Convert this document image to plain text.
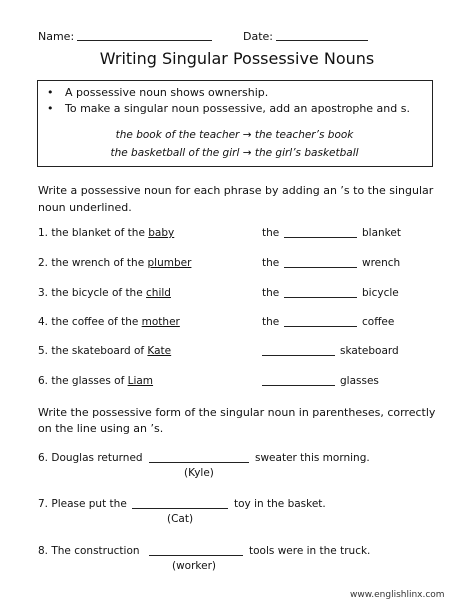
Name:	Date:
Writing Singular Possessive Nouns
• A possessive noun shows ownership.
• To make a singular noun possessive, add an apostrophe and s.
the book of the teacher → the teacher’s book
the basketball of the girl → the girl’s basketball
Write a possessive noun for each phrase by adding an ’s to the singular
noun underlined.
1. the blanket of the baby	the	blanket
2. the wrench of the plumber	the	wrench
3. the bicycle of the child	the	bicycle
4. the coffee of the mother	the	coffee
5. the skateboard of Kate	skateboard
6. the glasses of Liam	glasses
Write the possessive form of the singular noun in parentheses, correctly
on the line using an ’s.
6. Douglas returned	sweater this morning.
(Kyle)
7. Please put the	toy in the basket.
(Cat)
8. The construction	tools were in the truck.
(worker)
www.englishlinx.com
